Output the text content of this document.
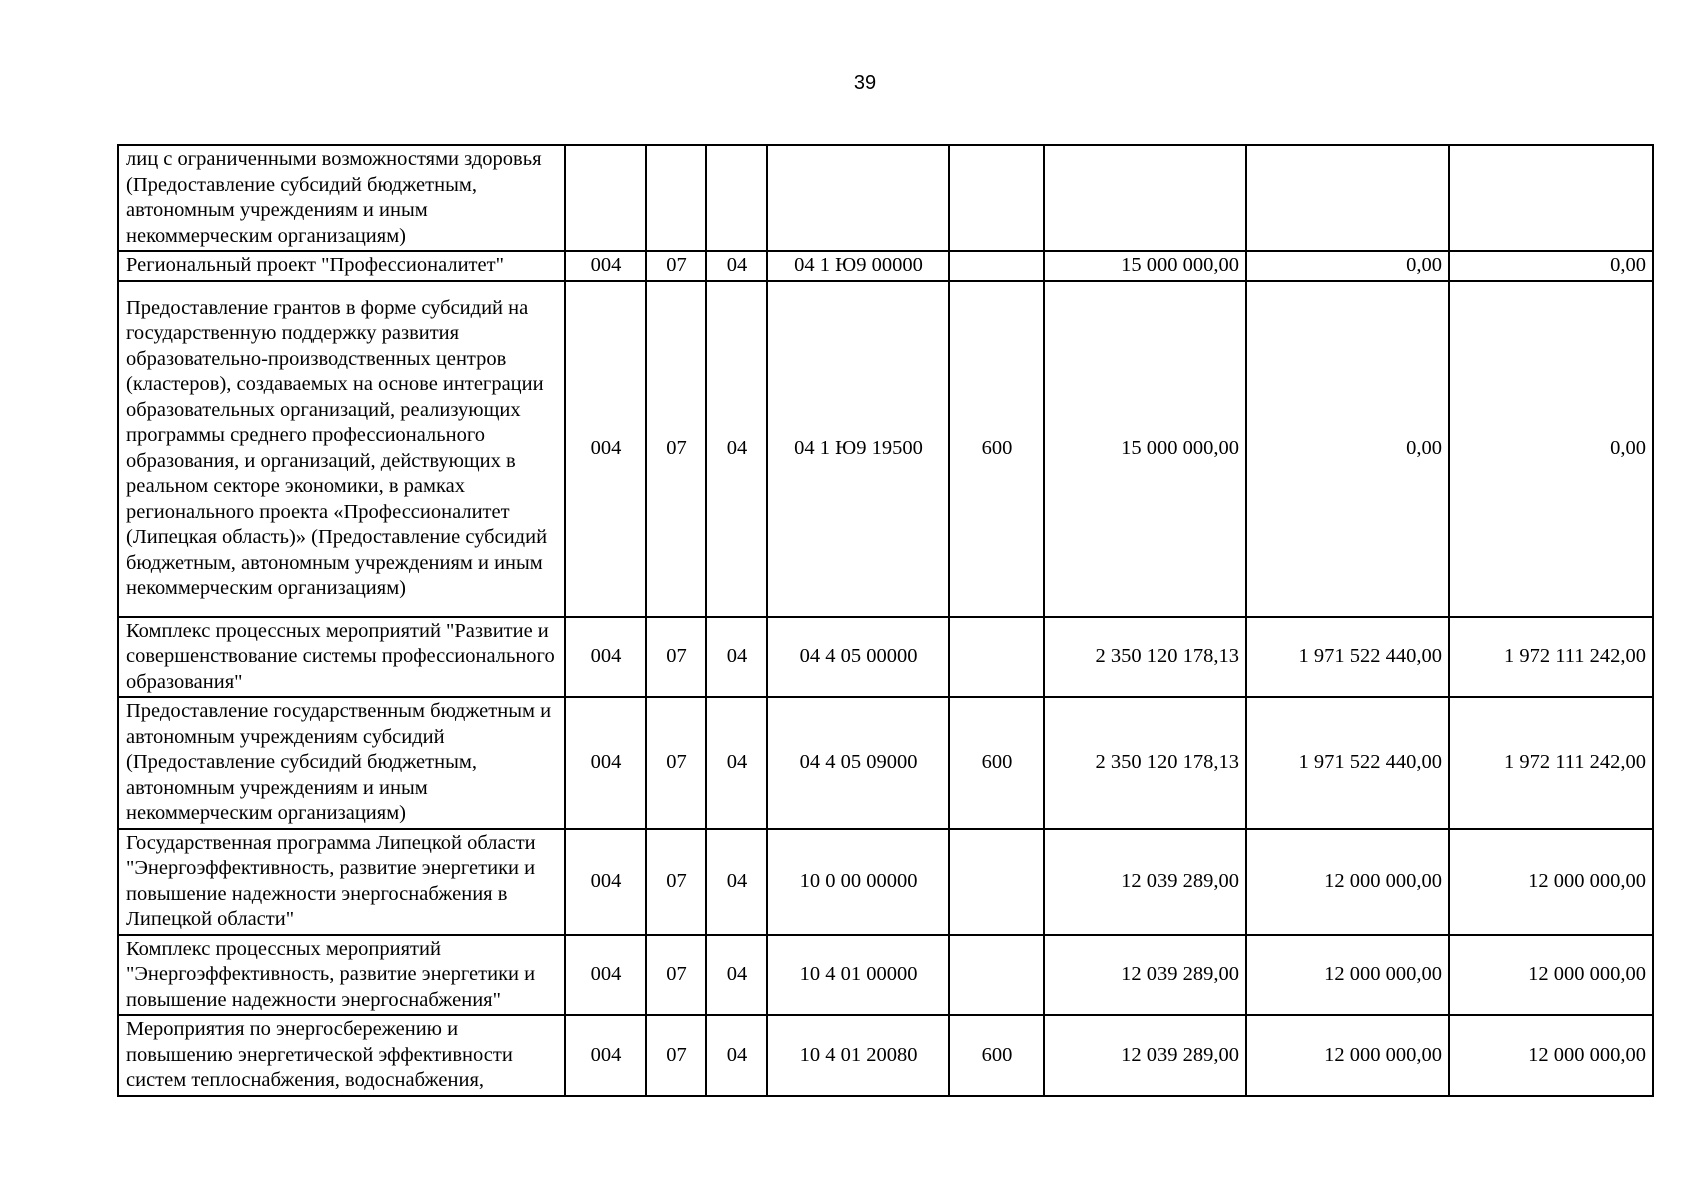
39
лиц с ограниченными возможностями здоровья (Предоставление субсидий бюджетным, автономным учреждениям и иным некоммерческим организациям)								
Региональный проект "Профессионалитет"	004	07	04	04 1 Ю9 00000		15 000 000,00	0,00	0,00
Предоставление грантов в форме субсидий на государственную поддержку развития образовательно-производственных центров (кластеров), создаваемых на основе интеграции образовательных организаций, реализующих программы среднего профессионального образования, и организаций, действующих в реальном секторе экономики, в рамках регионального проекта «Профессионалитет (Липецкая область)» (Предоставление субсидий бюджетным, автономным учреждениям и иным некоммерческим организациям)	004	07	04	04 1 Ю9 19500	600	15 000 000,00	0,00	0,00
Комплекс процессных мероприятий "Развитие и совершенствование системы профессионального образования"	004	07	04	04 4 05 00000		2 350 120 178,13	1 971 522 440,00	1 972 111 242,00
Предоставление государственным бюджетным и автономным учреждениям субсидий (Предоставление субсидий бюджетным, автономным учреждениям и иным некоммерческим организациям)	004	07	04	04 4 05 09000	600	2 350 120 178,13	1 971 522 440,00	1 972 111 242,00
Государственная программа Липецкой области "Энергоэффективность, развитие энергетики и повышение надежности энергоснабжения в Липецкой области"	004	07	04	10 0 00 00000		12 039 289,00	12 000 000,00	12 000 000,00
Комплекс процессных мероприятий "Энергоэффективность, развитие энергетики и повышение надежности энергоснабжения"	004	07	04	10 4 01 00000		12 039 289,00	12 000 000,00	12 000 000,00
Мероприятия по энергосбережению и повышению энергетической эффективности систем теплоснабжения, водоснабжения,	004	07	04	10 4 01 20080	600	12 039 289,00	12 000 000,00	12 000 000,00
